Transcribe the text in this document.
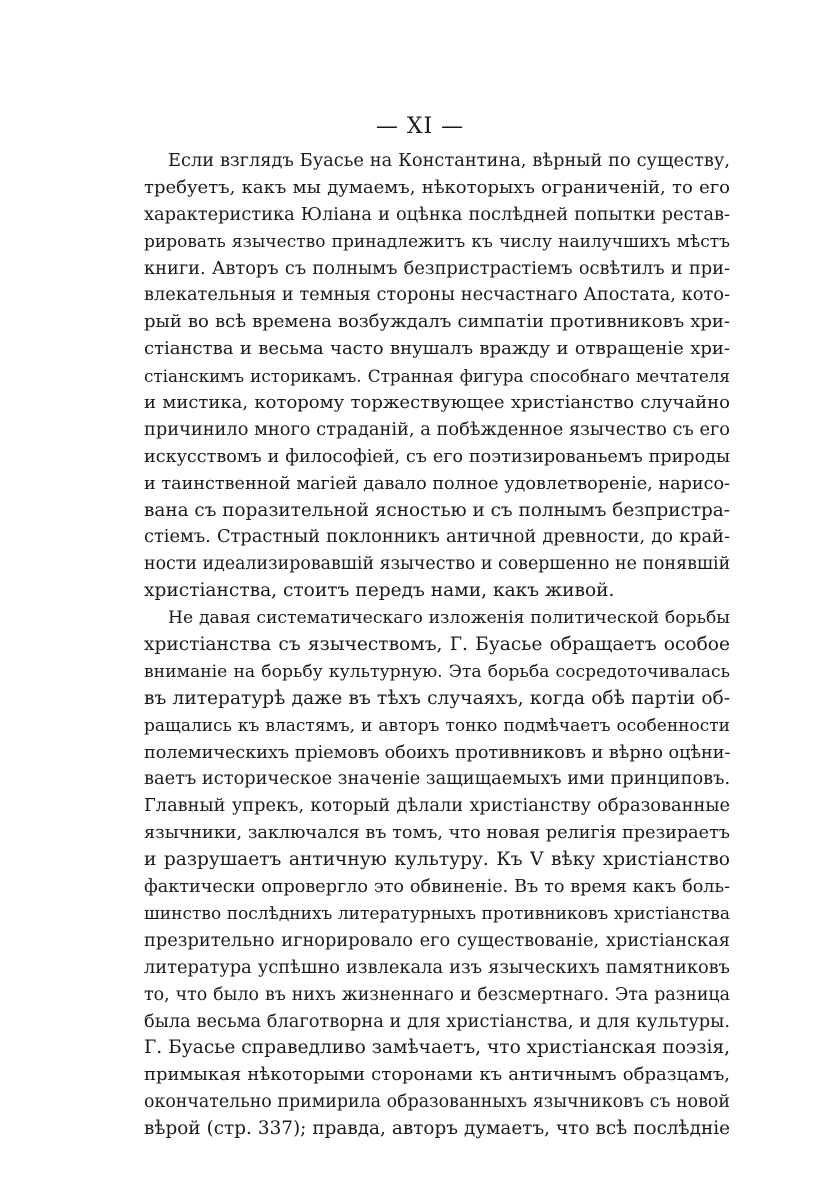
— XI —
Если взглядъ Буасье на Константина, вѣрный по существу,
требуетъ, какъ мы думаемъ, нѣкоторыхъ ограниченій, то его
характеристика Юліана и оцѣнка послѣдней попытки рестав-
рировать язычество принадлежитъ къ числу наилучшихъ мѣстъ
книги. Авторъ съ полнымъ безпристрастіемъ освѣтилъ и при-
влекательныя и темныя стороны несчастнаго Апостата, кото-
рый во всѣ времена возбуждалъ симпатіи противниковъ хри-
стіанства и весьма часто внушалъ вражду и отвращеніе хри-
стіанскимъ историкамъ. Странная фигура способнаго мечтателя
и мистика, которому торжествующее христіанство случайно
причинило много страданій, а побѣжденное язычество съ его
искусствомъ и философіей, съ его поэтизированьемъ природы
и таинственной магіей давало полное удовлетвореніе, нарисо-
вана съ поразительной ясностью и съ полнымъ безпристра-
стіемъ. Страстный поклонникъ античной древности, до край-
ности идеализировавшій язычество и совершенно не понявшій
христіанства, стоитъ передъ нами, какъ живой.
Не давая систематическаго изложенія политической борьбы
христіанства съ язычествомъ, Г. Буасье обращаетъ особое
вниманіе на борьбу культурную. Эта борьба сосредоточивалась
въ литературѣ даже въ тѣхъ случаяхъ, когда обѣ партіи об-
ращались къ властямъ, и авторъ тонко подмѣчаетъ особенности
полемическихъ пріемовъ обоихъ противниковъ и вѣрно оцѣни-
ваетъ историческое значеніе защищаемыхъ ими принциповъ.
Главный упрекъ, который дѣлали христіанству образованные
язычники, заключался въ томъ, что новая религія презираетъ
и разрушаетъ античную культуру. Къ V вѣку христіанство
фактически опровергло это обвиненіе. Въ то время какъ боль-
шинство послѣднихъ литературныхъ противниковъ христіанства
презрительно игнорировало его существованіе, христіанская
литература успѣшно извлекала изъ языческихъ памятниковъ
то, что было въ нихъ жизненнаго и безсмертнаго. Эта разница
была весьма благотворна и для христіанства, и для культуры.
Г. Буасье справедливо замѣчаетъ, что христіанская поэзія,
примыкая нѣкоторыми сторонами къ античнымъ образцамъ,
окончательно примирила образованныхъ язычниковъ съ новой
вѣрой (стр. 337); правда, авторъ думаетъ, что всѣ послѣдніе
